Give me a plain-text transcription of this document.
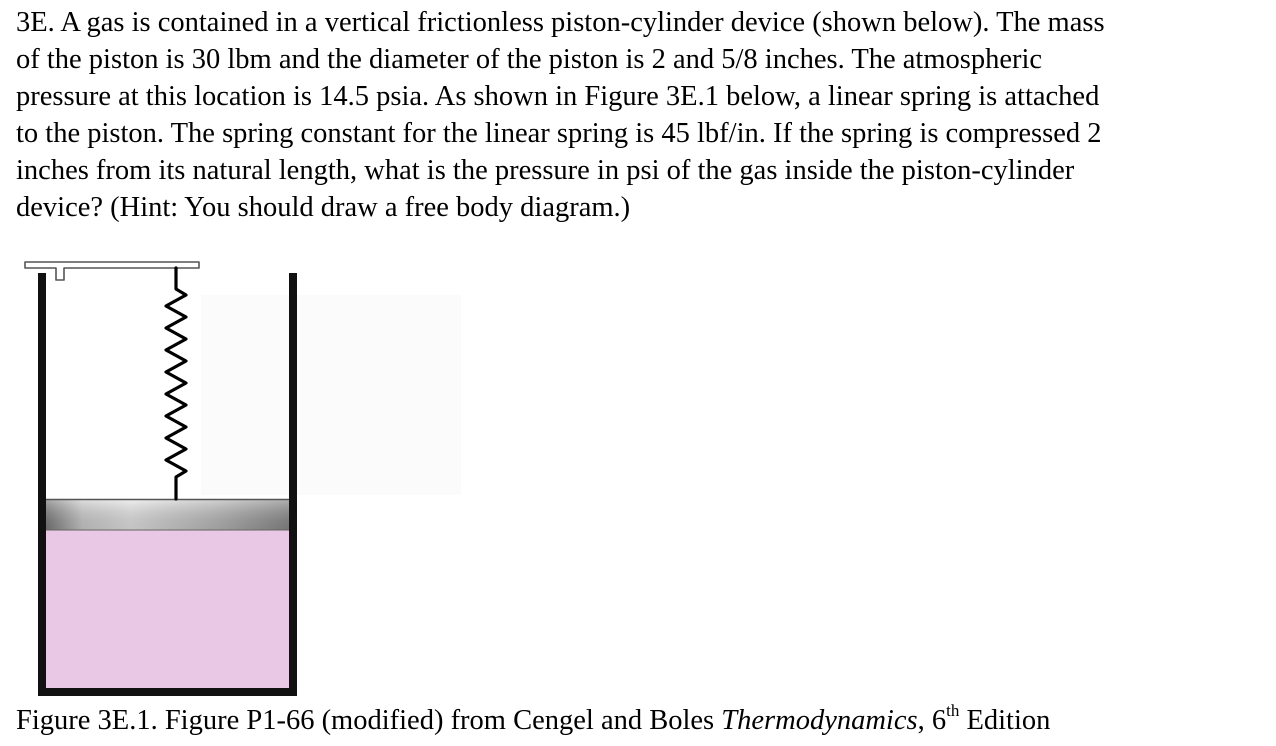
3E. A gas is contained in a vertical frictionless piston-cylinder device (shown below). The mass
of the piston is 30 lbm and the diameter of the piston is 2 and 5/8 inches. The atmospheric
pressure at this location is 14.5 psia. As shown in Figure 3E.1 below, a linear spring is attached
to the piston. The spring constant for the linear spring is 45 lbf/in. If the spring is compressed 2
inches from its natural length, what is the pressure in psi of the gas inside the piston-cylinder
device? (Hint: You should draw a free body diagram.)
Figure 3E.1. Figure P1-66 (modified) from Cengel and Boles Thermodynamics, 6th Edition
